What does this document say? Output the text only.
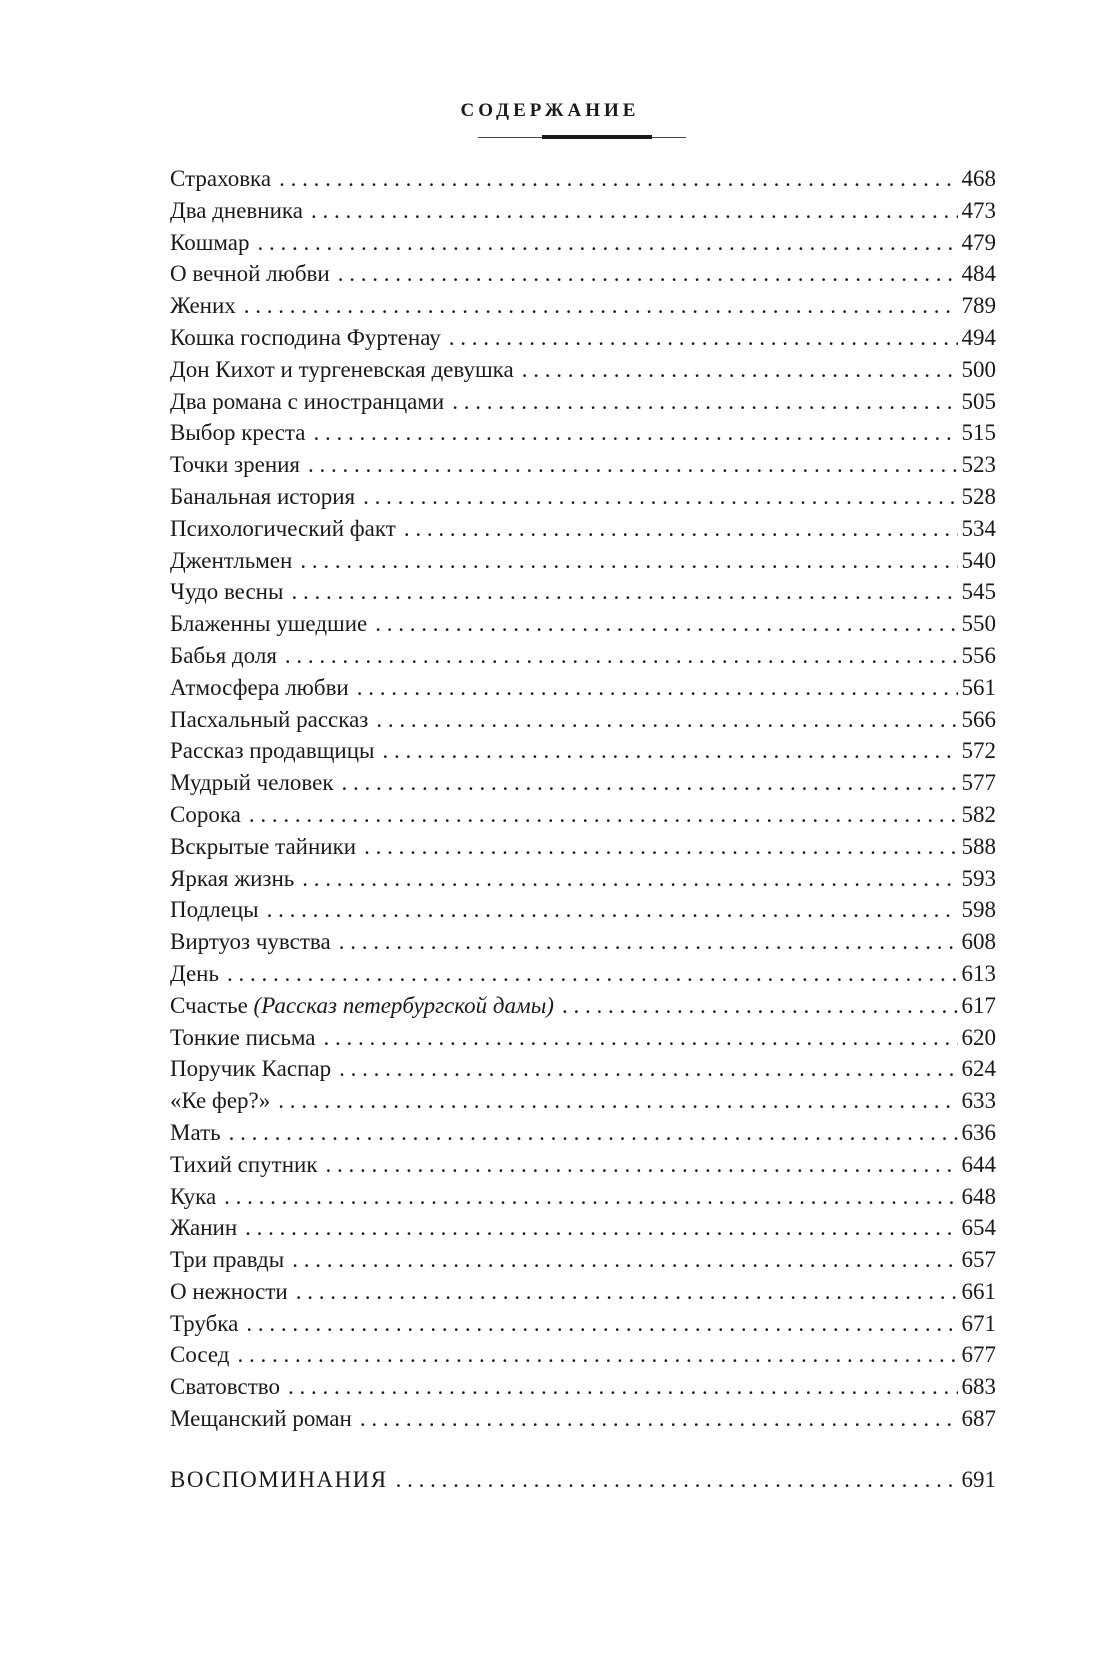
СОДЕРЖАНИЕ
Страховка . . .	468
Два дневника . . .	473
Кошмар . . .	479
О вечной любви . . .	484
Жених . . .	789
Кошка господина Фуртенау . . .	494
Дон Кихот и тургеневская девушка . . .	500
Два романа с иностранцами . . .	505
Выбор креста . . .	515
Точки зрения . . .	523
Банальная история . . .	528
Психологический факт . . .	534
Джентльмен . . .	540
Чудо весны . . .	545
Блаженны ушедшие . . .	550
Бабья доля . . .	556
Атмосфера любви . . .	561
Пасхальный рассказ . . .	566
Рассказ продавщицы . . .	572
Мудрый человек . . .	577
Сорока . . .	582
Вскрытые тайники . . .	588
Яркая жизнь . . .	593
Подлецы . . .	598
Виртуоз чувства . . .	608
День . . .	613
Счастье (Рассказ петербургской дамы) . . .	617
Тонкие письма . . .	620
Поручик Каспар . . .	624
«Ке фер?» . . .	633
Мать . . .	636
Тихий спутник . . .	644
Кука . . .	648
Жанин . . .	654
Три правды . . .	657
О нежности . . .	661
Трубка . . .	671
Сосед . . .	677
Сватовство . . .	683
Мещанский роман . . .	687
ВОСПОМИНАНИЯ . . .	691
